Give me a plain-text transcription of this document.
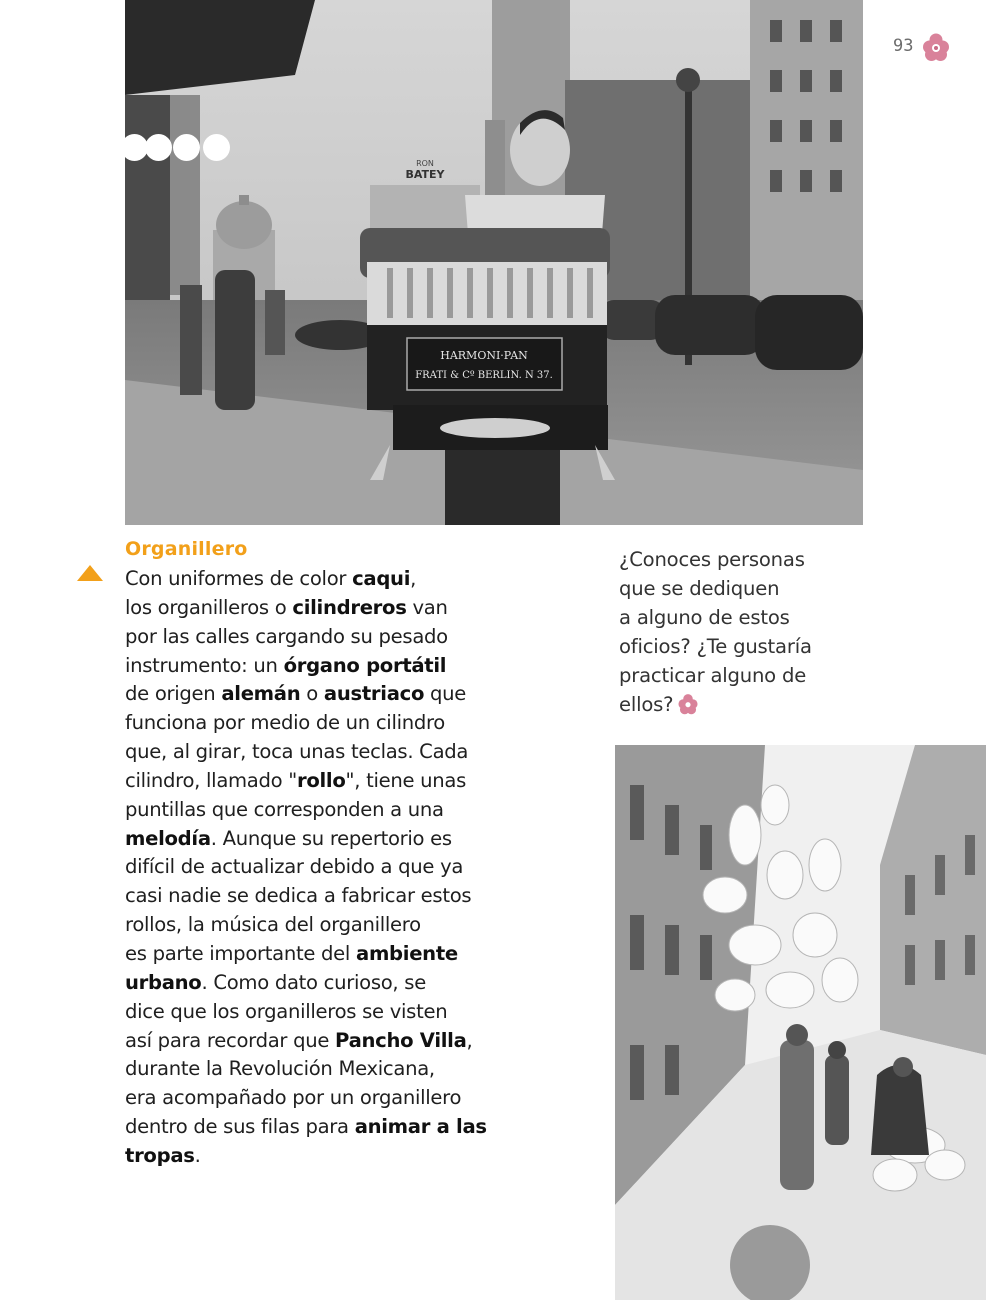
RON
BATEY
HARMONI·PAN
FRATI & Cº BERLIN. N 37.
93
Organillero
Con uniformes de color caqui,
los organilleros o cilindreros van
por las calles cargando su pesado
instrumento: un órgano portátil
de origen alemán o austriaco que
funciona por medio de un cilindro
que, al girar, toca unas teclas. Cada
cilindro, llamado "rollo", tiene unas
puntillas que corresponden a una
melodía. Aunque su repertorio es
difícil de actualizar debido a que ya
casi nadie se dedica a fabricar estos
rollos, la música del organillero
es parte importante del ambiente
urbano. Como dato curioso, se
dice que los organilleros se visten
así para recordar que Pancho Villa,
durante la Revolución Mexicana,
era acompañado por un organillero
dentro de sus filas para animar a las
tropas.
¿Conoces personas
que se dediquen
a alguno de estos
oficios? ¿Te gustaría
practicar alguno de
ellos?
